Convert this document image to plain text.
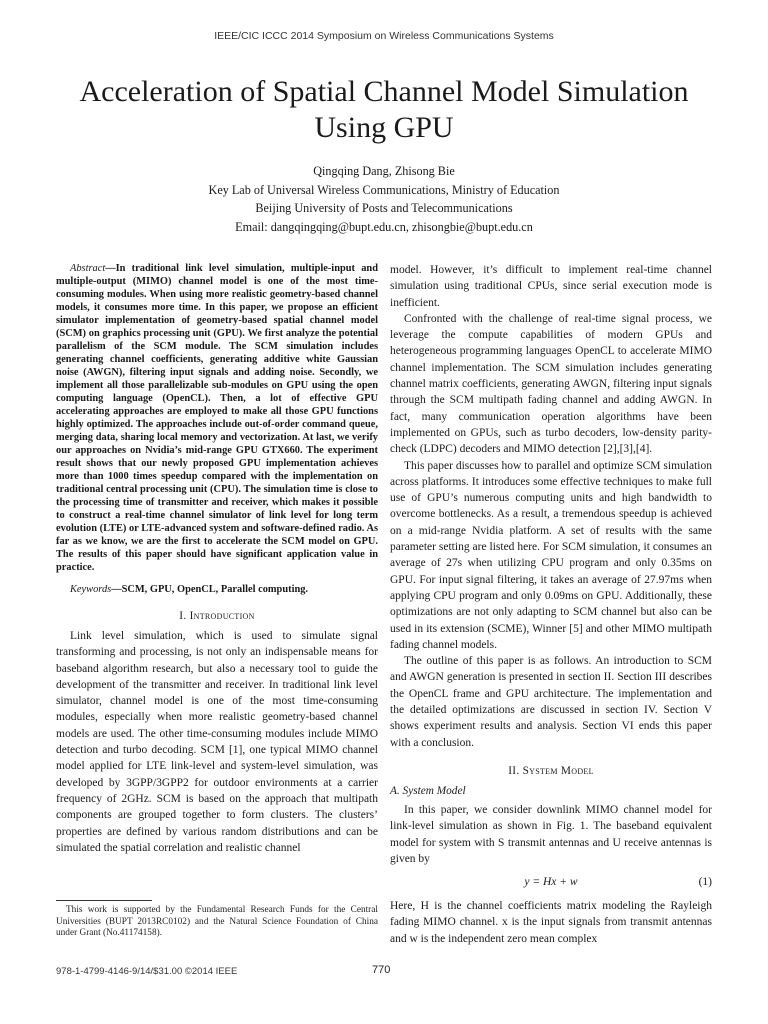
IEEE/CIC ICCC 2014 Symposium on Wireless Communications Systems
Acceleration of Spatial Channel Model Simulation
Using GPU
Qingqing Dang, Zhisong Bie
Key Lab of Universal Wireless Communications, Ministry of Education
Beijing University of Posts and Telecommunications
Email: dangqingqing@bupt.edu.cn, zhisongbie@bupt.edu.cn

Abstract—In traditional link level simulation, multiple-input and multiple-output (MIMO) channel model is one of the most time-consuming modules. When using more realistic geometry-based channel models, it consumes more time. In this paper, we propose an efficient simulator implementation of geometry-based spatial channel model (SCM) on graphics processing unit (GPU). We first analyze the potential parallelism of the SCM module. The SCM simulation includes generating channel coefficients, generating additive white Gaussian noise (AWGN), filtering input signals and adding noise. Secondly, we implement all those parallelizable sub-modules on GPU using the open computing language (OpenCL). Then, a lot of effective GPU accelerating approaches are employed to make all those GPU functions highly optimized. The approaches include out-of-order command queue, merging data, sharing local memory and vectorization. At last, we verify our approaches on Nvidia’s mid-range GPU GTX660. The experiment result shows that our newly proposed GPU implementation achieves more than 1000 times speedup compared with the implementation on traditional central processing unit (CPU). The simulation time is close to the processing time of transmitter and receiver, which makes it possible to construct a real-time channel simulator of link level for long term evolution (LTE) or LTE-advanced system and software-defined radio. As far as we know, we are the first to accelerate the SCM model on GPU. The results of this paper should have significant application value in practice.

Keywords—SCM, GPU, OpenCL, Parallel computing.

I. Introduction

Link level simulation, which is used to simulate signal transforming and processing, is not only an indispensable means for baseband algorithm research, but also a necessary tool to guide the development of the transmitter and receiver. In traditional link level simulator, channel model is one of the most time-consuming modules, especially when more realistic geometry-based channel models are used. The other time-consuming modules include MIMO detection and turbo decoding. SCM [1], one typical MIMO channel model applied for LTE link-level and system-level simulation, was developed by 3GPP/3GPP2 for outdoor environments at a carrier frequency of 2GHz. SCM is based on the approach that multipath components are grouped together to form clusters. The clusters’ properties are defined by various random distributions and can be simulated the spatial correlation and realistic channel

This work is supported by the Fundamental Research Funds for the Central Universities (BUPT 2013RC0102) and the Natural Science Foundation of China under Grant (No.41174158).

model. However, it’s difficult to implement real-time channel simulation using traditional CPUs, since serial execution mode is inefficient.

Confronted with the challenge of real-time signal process, we leverage the compute capabilities of modern GPUs and heterogeneous programming languages OpenCL to accelerate MIMO channel implementation. The SCM simulation includes generating channel matrix coefficients, generating AWGN, filtering input signals through the SCM multipath fading channel and adding AWGN. In fact, many communication operation algorithms have been implemented on GPUs, such as turbo decoders, low-density parity-check (LDPC) decoders and MIMO detection [2],[3],[4].

This paper discusses how to parallel and optimize SCM simulation across platforms. It introduces some effective techniques to make full use of GPU’s numerous computing units and high bandwidth to overcome bottlenecks. As a result, a tremendous speedup is achieved on a mid-range Nvidia platform. A set of results with the same parameter setting are listed here. For SCM simulation, it consumes an average of 27s when utilizing CPU program and only 0.35ms on GPU. For input signal filtering, it takes an average of 27.97ms when applying CPU program and only 0.09ms on GPU. Additionally, these optimizations are not only adapting to SCM channel but also can be used in its extension (SCME), Winner [5] and other MIMO multipath fading channel models.

The outline of this paper is as follows. An introduction to SCM and AWGN generation is presented in section II. Section III describes the OpenCL frame and GPU architecture. The implementation and the detailed optimizations are discussed in section IV. Section V shows experiment results and analysis. Section VI ends this paper with a conclusion.

II. System Model
A. System Model

In this paper, we consider downlink MIMO channel model for link-level simulation as shown in Fig. 1. The baseband equivalent model for system with S transmit antennas and U receive antennas is given by

y = Hx + w	(1)

Here, H is the channel coefficients matrix modeling the Rayleigh fading MIMO channel. x is the input signals from transmit antennas and w is the independent zero mean complex

978-1-4799-4146-9/14/$31.00 ©2014 IEEE	770
